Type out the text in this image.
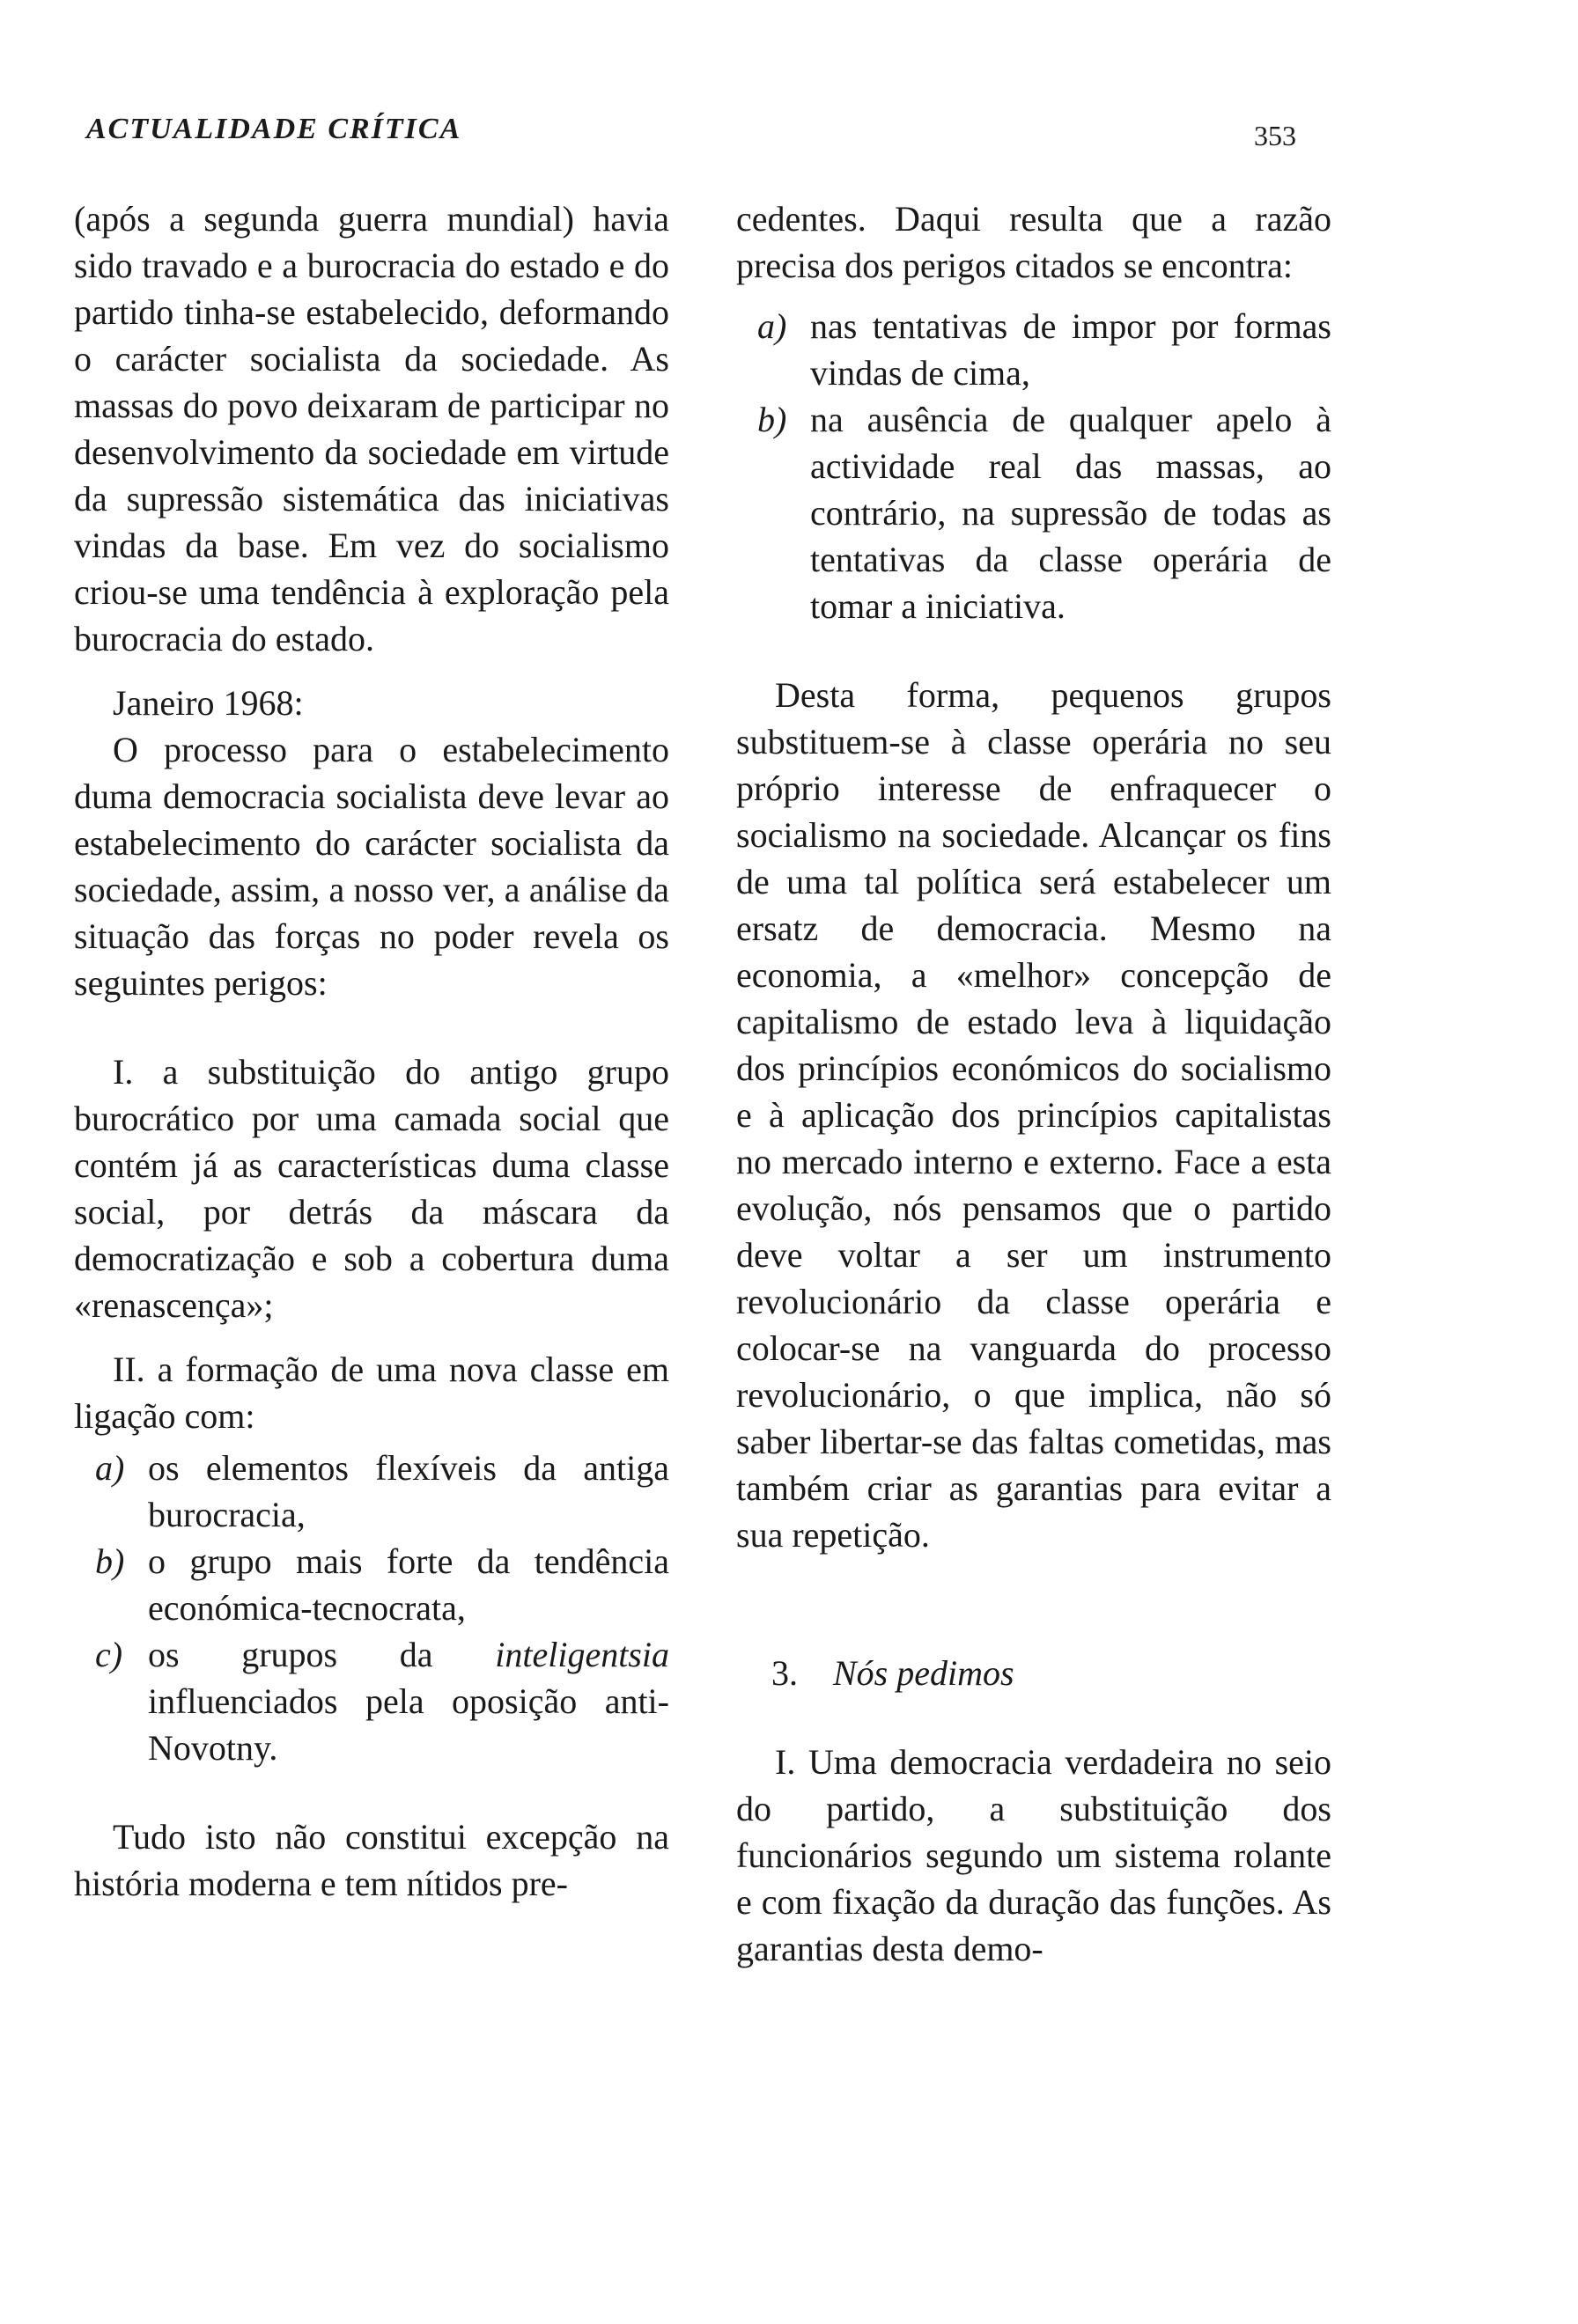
ACTUALIDADE CRÍTICA	353

(após a segunda guerra mundial) havia sido travado e a burocracia do estado e do partido tinha-se estabelecido, deformando o carácter socialista da sociedade. As massas do povo deixaram de participar no desenvolvimento da sociedade em virtude da supressão sistemática das iniciativas vindas da base. Em vez do socialismo criou-se uma tendência à exploração pela burocracia do estado.

Janeiro 1968:

O processo para o estabelecimento duma democracia socialista deve levar ao estabelecimento do carácter socialista da sociedade, assim, a nosso ver, a análise da situação das forças no poder revela os seguintes perigos:

I. a substituição do antigo grupo burocrático por uma camada social que contém já as características duma classe social, por detrás da máscara da democratização e sob a cobertura duma «renascença»;

II. a formação de uma nova classe em ligação com:

a) os elementos flexíveis da antiga burocracia,
b) o grupo mais forte da tendência económica-tecnocrata,
c) os grupos da inteligentsia influenciados pela oposição anti-Novotny.

Tudo isto não constitui excepção na história moderna e tem nítidos pre-

cedentes. Daqui resulta que a razão precisa dos perigos citados se encontra:

a) nas tentativas de impor por formas vindas de cima,
b) na ausência de qualquer apelo à actividade real das massas, ao contrário, na supressão de todas as tentativas da classe operária de tomar a iniciativa.

Desta forma, pequenos grupos substituem-se à classe operária no seu próprio interesse de enfraquecer o socialismo na sociedade. Alcançar os fins de uma tal política será estabelecer um ersatz de democracia. Mesmo na economia, a «melhor» concepção de capitalismo de estado leva à liquidação dos princípios económicos do socialismo e à aplicação dos princípios capitalistas no mercado interno e externo. Face a esta evolução, nós pensamos que o partido deve voltar a ser um instrumento revolucionário da classe operária e colocar-se na vanguarda do processo revolucionário, o que implica, não só saber libertar-se das faltas cometidas, mas também criar as garantias para evitar a sua repetição.

3. Nós pedimos

I. Uma democracia verdadeira no seio do partido, a substituição dos funcionários segundo um sistema rolante e com fixação da duração das funções. As garantias desta demo-
